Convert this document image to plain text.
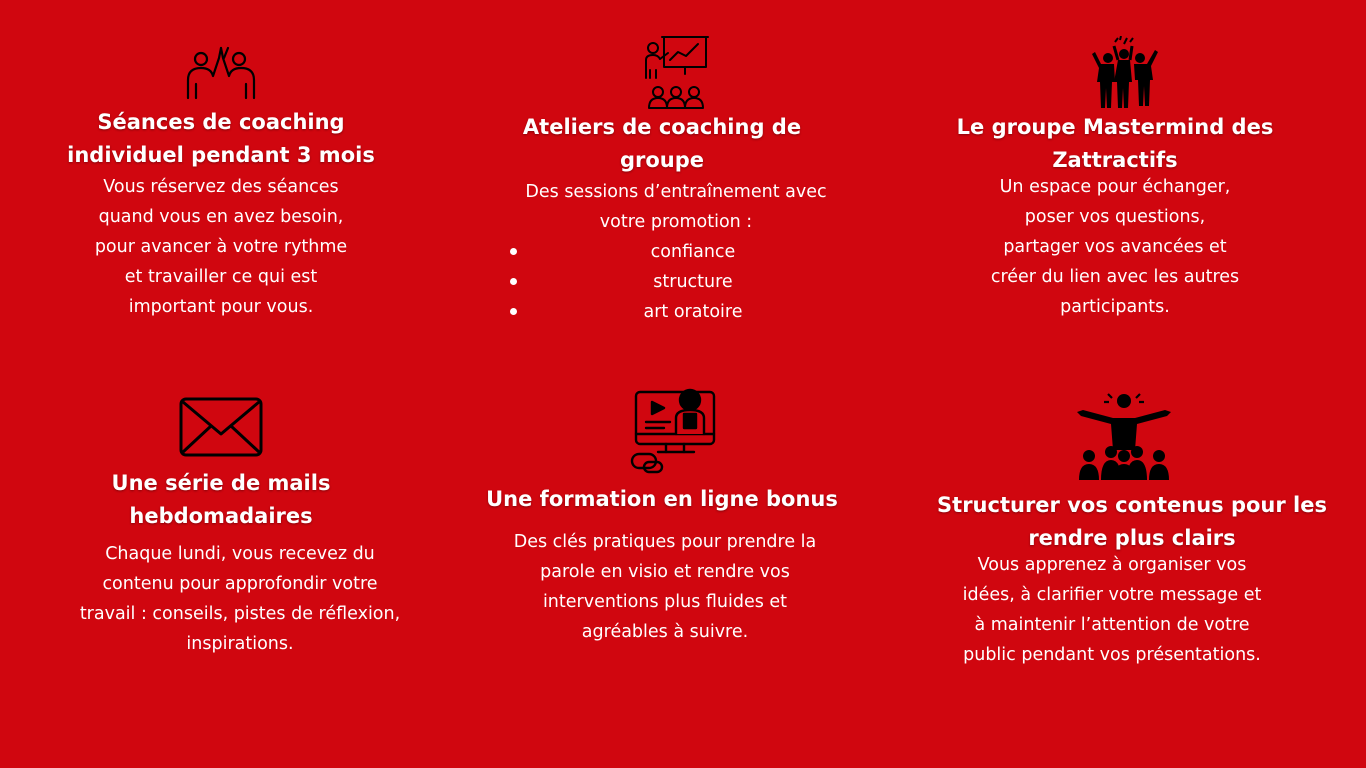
Séances de coaching
individuel pendant 3 mois

Vous réservez des séances
quand vous en avez besoin,
pour avancer à votre rythme
et travailler ce qui est
important pour vous.

Ateliers de coaching de
groupe

Des sessions d’entraînement avec
votre promotion :

confiance
structure
art oratoire
Le groupe Mastermind des
Zattractifs

Un espace pour échanger,
poser vos questions,
partager vos avancées et
créer du lien avec les autres
participants.

Une série de mails
hebdomadaires

Chaque lundi, vous recevez du
contenu pour approfondir votre
travail : conseils, pistes de réflexion,
inspirations.

Une formation en ligne bonus

Des clés pratiques pour prendre la
parole en visio et rendre vos
interventions plus fluides et
agréables à suivre.

Structurer vos contenus pour les
rendre plus clairs

Vous apprenez à organiser vos
idées, à clarifier votre message et
à maintenir l’attention de votre
public pendant vos présentations.
